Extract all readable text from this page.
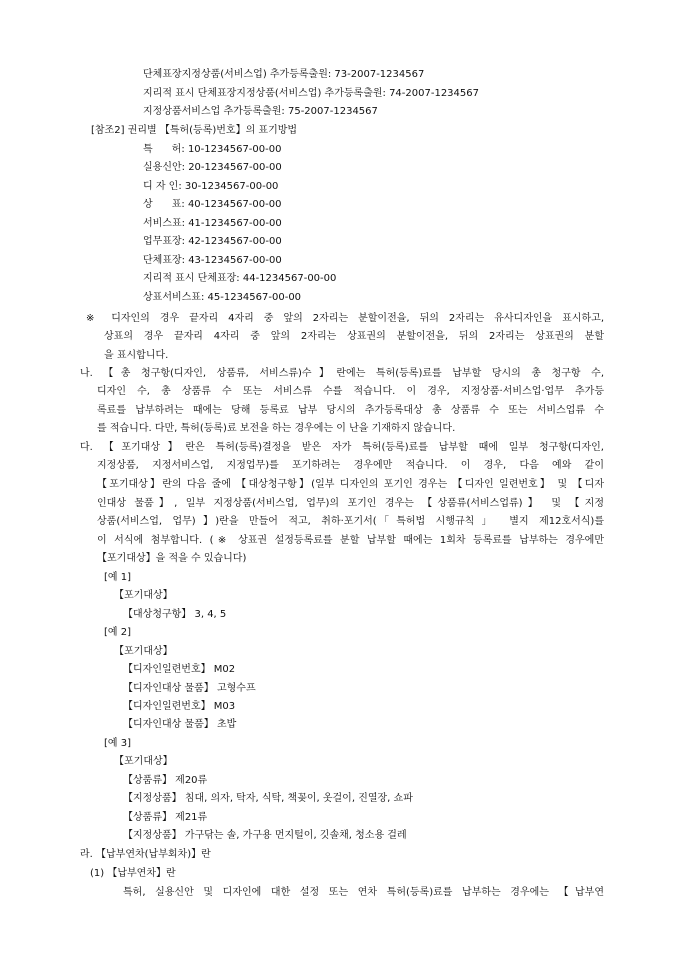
단체표장지정상품(서비스업) 추가등록출원: 73-2007-1234567
지리적 표시 단체표장지정상품(서비스업) 추가등록출원: 74-2007-1234567
지정상품서비스업 추가등록출원: 75-2007-1234567
[참조2] 권리별 【특허(등록)번호】의 표기방법
특      허: 10-1234567-00-00
실용신안: 20-1234567-00-00
디 자 인: 30-1234567-00-00
상      표: 40-1234567-00-00
서비스표: 41-1234567-00-00
업무표장: 42-1234567-00-00
단체표장: 43-1234567-00-00
지리적 표시 단체표장: 44-1234567-00-00
상표서비스표: 45-1234567-00-00
※ 디자인의 경우 끝자리 4자리 중 앞의 2자리는 분할이전을, 뒤의 2자리는 유사디자인을 표시하고,
상표의 경우 끝자리 4자리 중 앞의 2자리는 상표권의 분할이전을, 뒤의 2자리는 상표권의 분할
을 표시합니다.
나. 【총 청구항(디자인, 상품류, 서비스류)수】란에는 특허(등록)료를 납부할 당시의 총 청구항 수,
디자인 수, 총 상품류 수 또는 서비스류 수를 적습니다. 이 경우, 지정상품·서비스업·업무 추가등
록료를 납부하려는 때에는 당해 등록료 납부 당시의 추가등록대상 총 상품류 수 또는 서비스업류 수
를 적습니다. 다만, 특허(등록)료 보전을 하는 경우에는 이 난을 기재하지 않습니다.
다. 【포기대상】란은 특허(등록)결정을 받은 자가 특허(등록)료를 납부할 때에 일부 청구항(디자인,
지정상품, 지정서비스업, 지정업무)를 포기하려는 경우에만 적습니다. 이 경우, 다음 예와 같이
【포기대상】란의 다음 줄에 【대상청구항】(일부 디자인의 포기인 경우는 【디자인 일련번호】 및 【디자
인대상 물품】, 일부 지정상품(서비스업, 업무)의 포기인 경우는 【상품류(서비스업류)】 및 【지정
상품(서비스업, 업무)】)란을 만들어 적고, 취하·포기서(「특허법 시행규칙」 별지 제12호서식)를
이 서식에 첨부합니다. (※ 상표권 설정등록료를 분할 납부할 때에는 1회차 등록료를 납부하는 경우에만
【포기대상】을 적을 수 있습니다)
[예 1]
【포기대상】
【대상청구항】 3, 4, 5
[예 2]
【포기대상】
【디자인일련번호】 M02
【디자인대상 물품】 고형수프
【디자인일련번호】 M03
【디자인대상 물품】 초밥
[예 3]
【포기대상】
【상품류】 제20류
【지정상품】 침대, 의자, 탁자, 식탁, 책꽂이, 옷걸이, 진열장, 쇼파
【상품류】 제21류
【지정상품】 가구닦는 솔, 가구용 먼지털이, 깃솔채, 청소용 걸레
라. 【납부연차(납부회차)】란
(1) 【납부연차】란
특허, 실용신안 및 디자인에 대한 설정 또는 연차 특허(등록)료를 납부하는 경우에는 【납부연
